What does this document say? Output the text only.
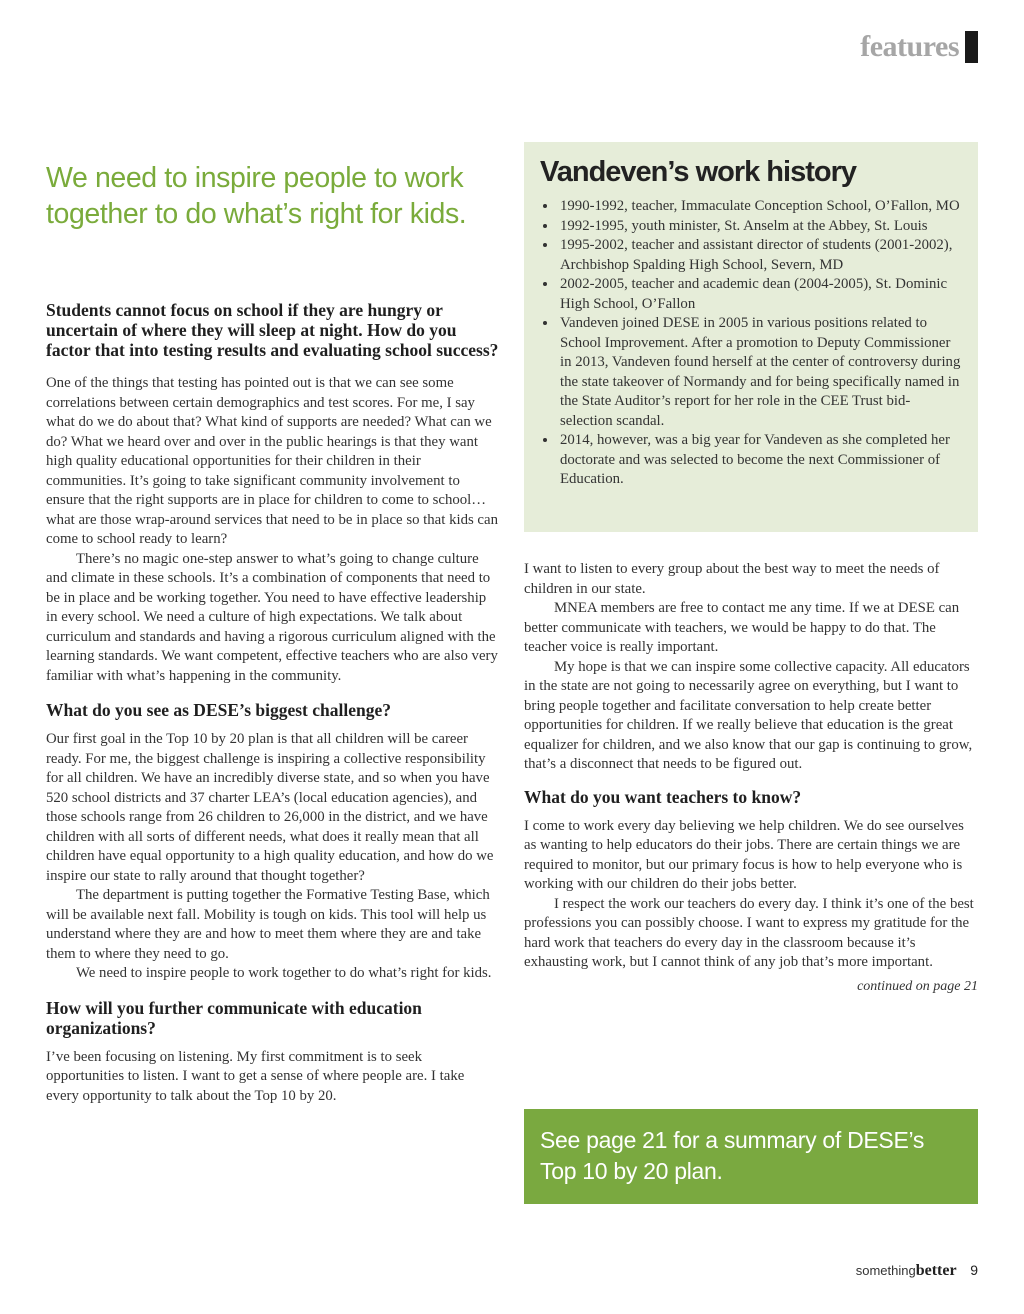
features
We need to inspire people to work together to do what’s right for kids.
Students cannot focus on school if they are hungry or uncertain of where they will sleep at night. How do you factor that into testing results and evaluating school success?

One of the things that testing has pointed out is that we can see some correlations between certain demographics and test scores. For me, I say what do we do about that? What kind of supports are needed? What can we do? What we heard over and over in the public hearings is that they want high quality educational opportunities for their children in their communities. It’s going to take significant community involvement to ensure that the right supports are in place for children to come to school… what are those wrap-around services that need to be in place so that kids can come to school ready to learn?

There’s no magic one-step answer to what’s going to change culture and climate in these schools. It’s a combination of components that need to be in place and be working together. You need to have effective leadership in every school. We need a culture of high expectations. We talk about curriculum and standards and having a rigorous curriculum aligned with the learning standards. We want competent, effective teachers who are also very familiar with what’s happening in the community.

What do you see as DESE’s biggest challenge?

Our first goal in the Top 10 by 20 plan is that all children will be career ready. For me, the biggest challenge is inspiring a collective responsibility for all children. We have an incredibly diverse state, and so when you have 520 school districts and 37 charter LEA’s (local education agencies), and those schools range from 26 children to 26,000 in the district, and we have children with all sorts of different needs, what does it really mean that all children have equal opportunity to a high quality education, and how do we inspire our state to rally around that thought together?

The department is putting together the Formative Testing Base, which will be available next fall. Mobility is tough on kids. This tool will help us understand where they are and how to meet them where they are and take them to where they need to go.

We need to inspire people to work together to do what’s right for kids.

How will you further communicate with education organizations?

I’ve been focusing on listening. My first commitment is to seek opportunities to listen. I want to get a sense of where people are. I take every opportunity to talk about the Top 10 by 20.

Vandeven’s work history
• 1990-1992, teacher, Immaculate Conception School, O’Fallon, MO
• 1992-1995, youth minister, St. Anselm at the Abbey, St. Louis
• 1995-2002, teacher and assistant director of students (2001-2002), Archbishop Spalding High School, Severn, MD
• 2002-2005, teacher and academic dean (2004-2005), St. Dominic High School, O’Fallon
• Vandeven joined DESE in 2005 in various positions related to School Improvement. After a promotion to Deputy Commissioner in 2013, Vandeven found herself at the center of controversy during the state takeover of Normandy and for being specifically named in the State Auditor’s report for her role in the CEE Trust bid-selection scandal.
• 2014, however, was a big year for Vandeven as she completed her doctorate and was selected to become the next Commissioner of Education.

I want to listen to every group about the best way to meet the needs of children in our state.

MNEA members are free to contact me any time. If we at DESE can better communicate with teachers, we would be happy to do that. The teacher voice is really important.

My hope is that we can inspire some collective capacity. All educators in the state are not going to necessarily agree on everything, but I want to bring people together and facilitate conversation to help create better opportunities for children. If we really believe that education is the great equalizer for children, and we also know that our gap is continuing to grow, that’s a disconnect that needs to be figured out.

What do you want teachers to know?

I come to work every day believing we help children. We do see ourselves as wanting to help educators do their jobs. There are certain things we are required to monitor, but our primary focus is how to help everyone who is working with our children do their jobs better.

I respect the work our teachers do every day. I think it’s one of the best professions you can possibly choose. I want to express my gratitude for the hard work that teachers do every day in the classroom because it’s exhausting work, but I cannot think of any job that’s more important.

continued on page 21
See page 21 for a summary of DESE’s Top 10 by 20 plan.
somethingbetter 9
